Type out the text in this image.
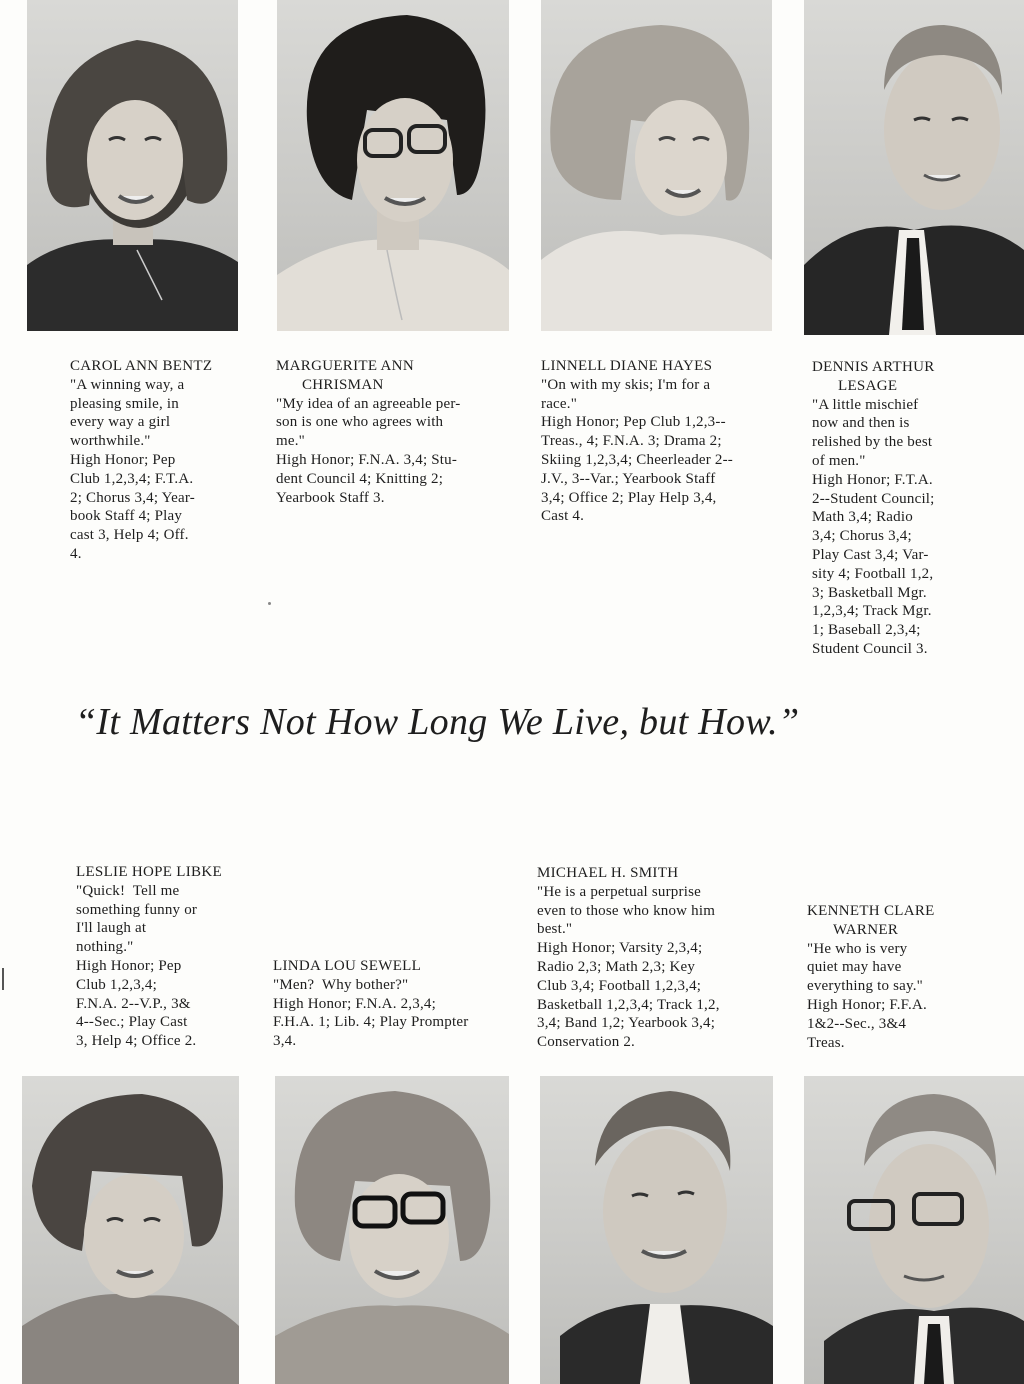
CAROL ANN BENTZ
"A winning way, a
pleasing smile, in
every way a girl
worthwhile."
High Honor; Pep
Club 1,2,3,4; F.T.A.
2; Chorus 3,4; Year-
book Staff 4; Play
cast 3, Help 4; Off.
4.
MARGUERITE ANN
CHRISMAN
"My idea of an agreeable per-
son is one who agrees with
me."
High Honor; F.N.A. 3,4; Stu-
dent Council 4; Knitting 2;
Yearbook Staff 3.
LINNELL DIANE HAYES
"On with my skis; I'm for a
race."
High Honor; Pep Club 1,2,3--
Treas., 4; F.N.A. 3; Drama 2;
Skiing 1,2,3,4; Cheerleader 2--
J.V., 3--Var.; Yearbook Staff
3,4; Office 2; Play Help 3,4,
Cast 4.
DENNIS ARTHUR
LESAGE
"A little mischief
now and then is
relished by the best
of men."
High Honor; F.T.A.
2--Student Council;
Math 3,4; Radio
3,4; Chorus 3,4;
Play Cast 3,4; Var-
sity 4; Football 1,2,
3; Basketball Mgr.
1,2,3,4; Track Mgr.
1; Baseball 2,3,4;
Student Council 3.
“It Matters Not How Long We Live, but How.”
LESLIE HOPE LIBKE
"Quick!  Tell me
something funny or
I'll laugh at
nothing."
High Honor; Pep
Club 1,2,3,4;
F.N.A. 2--V.P., 3&
4--Sec.; Play Cast
3, Help 4; Office 2.
LINDA LOU SEWELL
"Men?  Why bother?"
High Honor; F.N.A. 2,3,4;
F.H.A. 1; Lib. 4; Play Prompter
3,4.
MICHAEL H. SMITH
"He is a perpetual surprise
even to those who know him
best."
High Honor; Varsity 2,3,4;
Radio 2,3; Math 2,3; Key
Club 3,4; Football 1,2,3,4;
Basketball 1,2,3,4; Track 1,2,
3,4; Band 1,2; Yearbook 3,4;
Conservation 2.
KENNETH CLARE
WARNER
"He who is very
quiet may have
everything to say."
High Honor; F.F.A.
1&2--Sec., 3&4
Treas.
